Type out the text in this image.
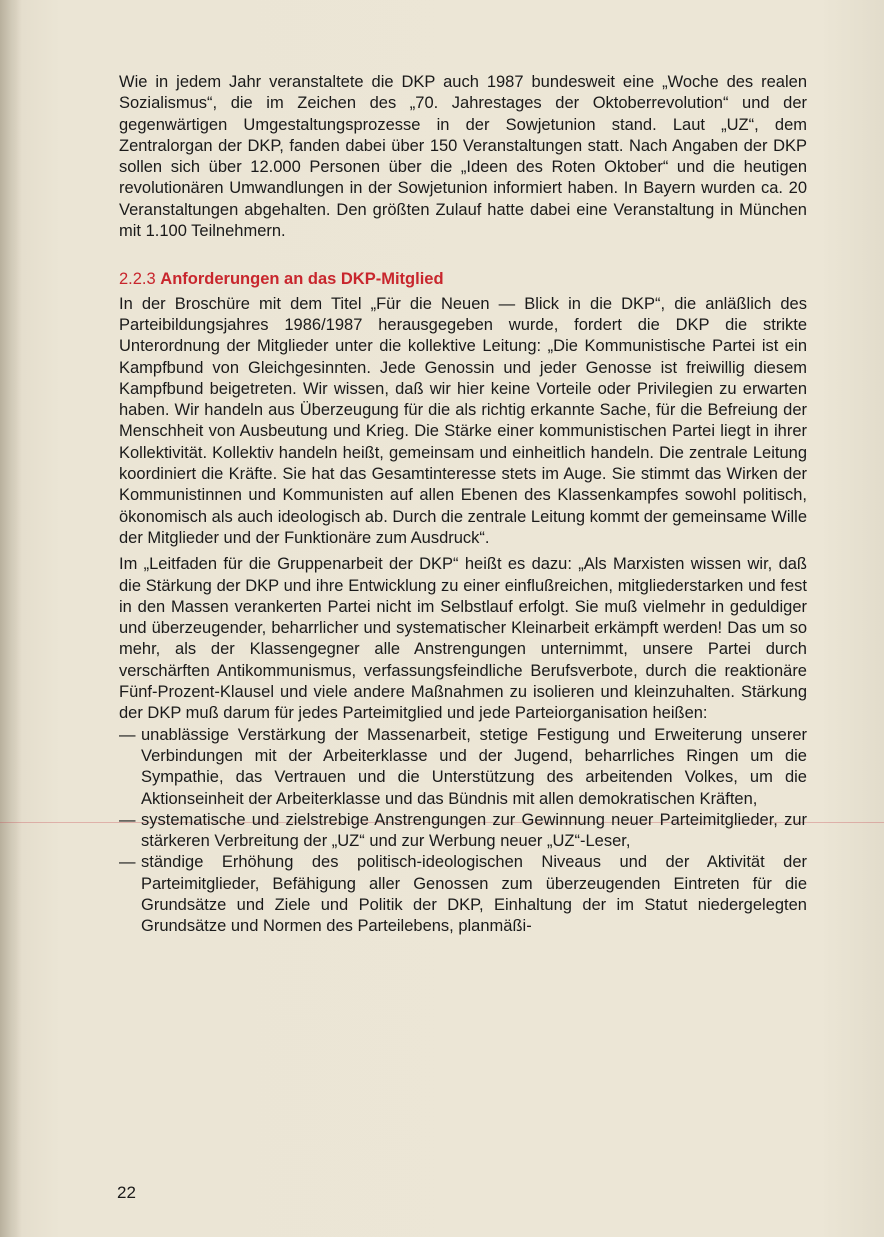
Wie in jedem Jahr veranstaltete die DKP auch 1987 bundesweit eine „Woche des realen Sozialismus“, die im Zeichen des „70. Jahrestages der Oktoberrevolution“ und der gegenwärtigen Umgestaltungsprozesse in der Sowjetunion stand. Laut „UZ“, dem Zentralorgan der DKP, fanden dabei über 150 Veranstaltungen statt. Nach Angaben der DKP sollen sich über 12.000 Personen über die „Ideen des Roten Oktober“ und die heutigen revolutionären Umwandlungen in der Sowjetunion informiert haben. In Bayern wurden ca. 20 Veranstaltungen abgehalten. Den größten Zulauf hatte dabei eine Veranstaltung in München mit 1.100 Teilnehmern.

2.2.3 Anforderungen an das DKP-Mitglied

In der Broschüre mit dem Titel „Für die Neuen — Blick in die DKP“, die anläßlich des Parteibildungsjahres 1986/1987 herausgegeben wurde, fordert die DKP die strikte Unterordnung der Mitglieder unter die kollektive Leitung: „Die Kommunistische Partei ist ein Kampfbund von Gleichgesinnten. Jede Genossin und jeder Genosse ist freiwillig diesem Kampfbund beigetreten. Wir wissen, daß wir hier keine Vorteile oder Privilegien zu erwarten haben. Wir handeln aus Überzeugung für die als richtig erkannte Sache, für die Befreiung der Menschheit von Ausbeutung und Krieg. Die Stärke einer kommunistischen Partei liegt in ihrer Kollektivität. Kollektiv handeln heißt, gemeinsam und einheitlich handeln. Die zentrale Leitung koordiniert die Kräfte. Sie hat das Gesamtinteresse stets im Auge. Sie stimmt das Wirken der Kommunistinnen und Kommunisten auf allen Ebenen des Klassenkampfes sowohl politisch, ökonomisch als auch ideologisch ab. Durch die zentrale Leitung kommt der gemeinsame Wille der Mitglieder und der Funktionäre zum Ausdruck“.

Im „Leitfaden für die Gruppenarbeit der DKP“ heißt es dazu: „Als Marxisten wissen wir, daß die Stärkung der DKP und ihre Entwicklung zu einer einflußreichen, mitgliederstarken und fest in den Massen verankerten Partei nicht im Selbstlauf erfolgt. Sie muß vielmehr in geduldiger und überzeugender, beharrlicher und systematischer Kleinarbeit erkämpft werden! Das um so mehr, als der Klassengegner alle Anstrengungen unternimmt, unsere Partei durch verschärften Antikommunismus, verfassungsfeindliche Berufsverbote, durch die reaktionäre Fünf-Prozent-Klausel und viele andere Maßnahmen zu isolieren und kleinzuhalten. Stärkung der DKP muß darum für jedes Parteimitglied und jede Parteiorganisation heißen:

— unablässige Verstärkung der Massenarbeit, stetige Festigung und Erweiterung unserer Verbindungen mit der Arbeiterklasse und der Jugend, beharrliches Ringen um die Sympathie, das Vertrauen und die Unterstützung des arbeitenden Volkes, um die Aktionseinheit der Arbeiterklasse und das Bündnis mit allen demokratischen Kräften,
— systematische und zielstrebige Anstrengungen zur Gewinnung neuer Parteimitglieder, zur stärkeren Verbreitung der „UZ“ und zur Werbung neuer „UZ“-Leser,
— ständige Erhöhung des politisch-ideologischen Niveaus und der Aktivität der Parteimitglieder, Befähigung aller Genossen zum überzeugenden Eintreten für die Grundsätze und Ziele und Politik der DKP, Einhaltung der im Statut niedergelegten Grundsätze und Normen des Parteilebens, planmäßi-
22
